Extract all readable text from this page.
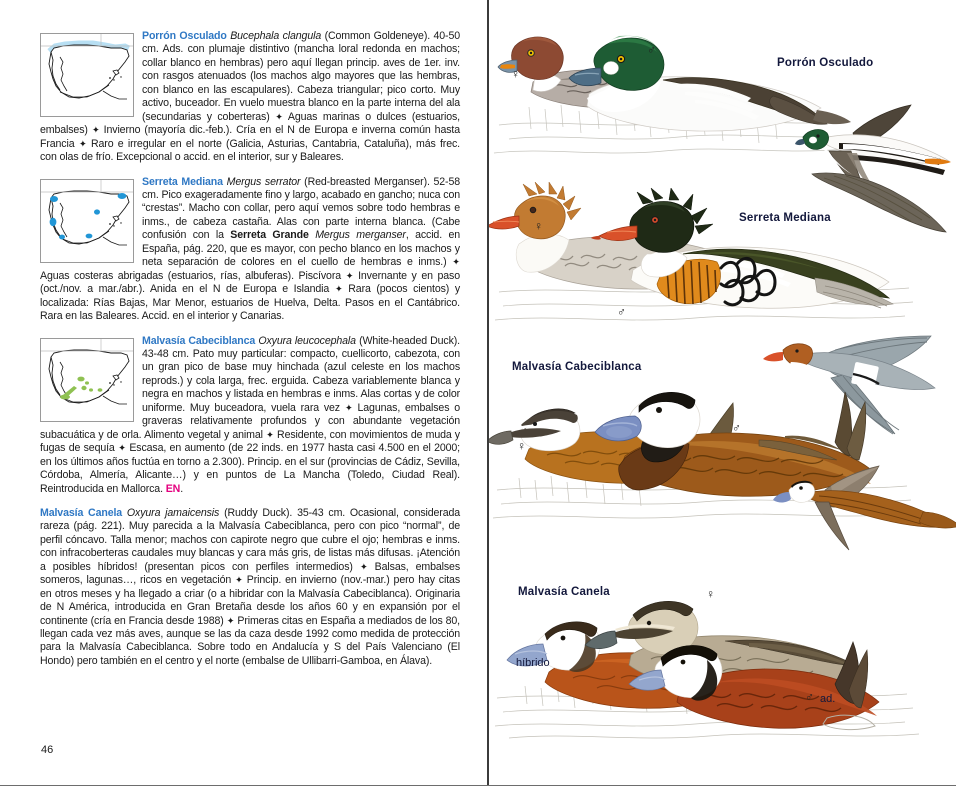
Porrón Osculado Bucephala clangula (Common Goldeneye). 40-50 cm. Ads. con plumaje distintivo (mancha loral redonda en machos; collar blanco en hembras) pero aquí llegan princip. aves de 1er. inv. con rasgos atenuados (los machos algo mayores que las hembras, con blanco en las escapulares). Cabeza triangular; pico corto. Muy activo, buceador. En vuelo muestra blanco en la parte interna del ala (secundarias y coberteras) ✦ Aguas marinas o dulces (estuarios, embalses) ✦ Invierno (mayoría dic.-feb.). Cría en el N de Europa e inverna común hasta Francia ✦ Raro e irregular en el norte (Galicia, Asturias, Cantabria, Cataluña), más frec. con olas de frío. Excepcional o accid. en el interior, sur y Baleares.
Serreta Mediana Mergus serrator (Red-breasted Merganser). 52-58 cm. Pico exageradamente fino y largo, acabado en gancho; nuca con “crestas”. Macho con collar, pero aquí vemos sobre todo hembras e inms., de cabeza castaña. Alas con parte interna blanca. (Cabe confusión con la Serreta Grande Mergus merganser, accid. en España, pág. 220, que es mayor, con pecho blanco en los machos y neta separación de colores en el cuello de hembras e inms.) ✦ Aguas costeras abrigadas (estuarios, rías, albuferas). Piscívora ✦ Invernante y en paso (oct./nov. a mar./abr.). Anida en el N de Europa e Islandia ✦ Rara (pocos cientos) y localizada: Rías Bajas, Mar Menor, estuarios de Huelva, Delta. Pasos en el Cantábrico. Rara en las Baleares. Accid. en el interior y Canarias.
Malvasía Cabeciblanca Oxyura leucocephala (White-headed Duck). 43-48 cm. Pato muy particular: compacto, cuellicorto, cabezota, con un gran pico de base muy hinchada (azul celeste en los machos reprods.) y cola larga, frec. erguida. Cabeza variablemente blanca y negra en machos y listada en hembras e inms. Alas cortas y de color uniforme. Muy buceadora, vuela rara vez ✦ Lagunas, embalses o graveras relativamente profundos y con abundante vegetación subacuática y de orla. Alimento vegetal y animal ✦ Residente, con movimientos de muda y fugas de sequía ✦ Escasa, en aumento (de 22 inds. en 1977 hasta casi 4.500 en el 2000; en los últimos años fuctúa en torno a 2.300). Princip. en el sur (provincias de Cádiz, Sevilla, Córdoba, Almería, Alicante…) y en puntos de La Mancha (Toledo, Ciudad Real). Reintroducida en Mallorca. EN.
Malvasía Canela Oxyura jamaicensis (Ruddy Duck). 35-43 cm. Ocasional, considerada rareza (pág. 221). Muy parecida a la Malvasía Cabeciblanca, pero con pico “normal”, de perfil cóncavo. Talla menor; machos con capirote negro que cubre el ojo; hembras e inms. con infracoberteras caudales muy blancas y cara más gris, de listas más difusas. ¡Atención a posibles híbridos! (presentan picos con perfiles intermedios) ✦ Balsas, embalses someros, lagunas…, ricos en vegetación ✦ Princip. en invierno (nov.-mar.) pero hay citas en otros meses y ha llegado a criar (o a hibridar con la Malvasía Cabeciblanca). Originaria de N América, introducida en Gran Bretaña desde los años 60 y en expansión por el continente (cría en Francia desde 1988) ✦ Primeras citas en España a mediados de los 80, llegan cada vez más aves, aunque se las da caza desde 1992 como medida de protección para la Malvasía Cabeciblanca. Sobre todo en Andalucía y S del País Valenciano (El Hondo) pero también en el centro y el norte (embalse de Ullibarri-Gamboa, en Álava).
46
Porrón Osculado
Serreta Mediana
Malvasía Cabeciblanca
Malvasía Canela
híbrido
ad.
♀
♂
♀
♂
♀
♂
♀
♂
